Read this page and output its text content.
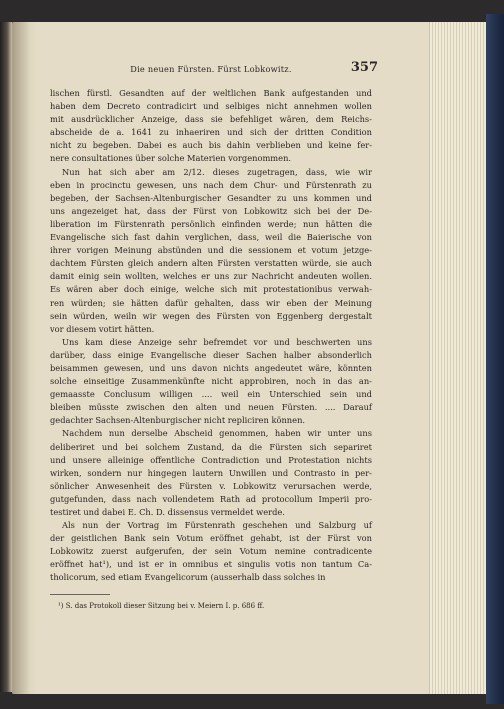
Die neuen Fürsten. Fürst Lobkowitz.	357

lischen fürstl. Gesandten auf der weltlichen Bank aufgestanden und
haben dem Decreto contradicirt und selbiges nicht annehmen wollen
mit ausdrücklicher Anzeige, dass sie befehliget wären, dem Reichs-
abscheide de a. 1641 zu inhaeriren und sich der dritten Condition
nicht zu begeben. Dabei es auch bis dahin verblieben und keine fer-
nere consultationes über solche Materien vorgenommen.

Nun hat sich aber am 2/12. dieses zugetragen, dass, wie wir
eben in procinctu gewesen, uns nach dem Chur- und Fürstenrath zu
begeben, der Sachsen-Altenburgischer Gesandter zu uns kommen und
uns angezeiget hat, dass der Fürst von Lobkowitz sich bei der De-
liberation im Fürstenrath persönlich einfinden werde; nun hätten die
Evangelische sich fast dahin verglichen, dass, weil die Baierische von
ihrer vorigen Meinung abstünden und die sessionem et votum jetzge-
dachtem Fürsten gleich andern alten Fürsten verstatten würde, sie auch
damit einig sein wollten, welches er uns zur Nachricht andeuten wollen.
Es wären aber doch einige, welche sich mit protestationibus verwah-
ren würden; sie hätten dafür gehalten, dass wir eben der Meinung
sein würden, weiln wir wegen des Fürsten von Eggenberg dergestalt
vor diesem votirt hätten.

Uns kam diese Anzeige sehr befremdet vor und beschwerten uns
darüber, dass einige Evangelische dieser Sachen halber absonderlich
beisammen gewesen, und uns davon nichts angedeutet wäre, könnten
solche einseitige Zusammenkünfte nicht approbiren, noch in das an-
gemaasste Conclusum willigen .... weil ein Unterschied sein und
bleiben müsste zwischen den alten und neuen Fürsten. .... Darauf
gedachter Sachsen-Altenburgischer nicht repliciren können.

Nachdem nun derselbe Abscheid genommen, haben wir unter uns
deliberiret und bei solchem Zustand, da die Fürsten sich separiret
und unsere alleinige offentliche Contradiction und Protestation nichts
wirken, sondern nur hingegen lautern Unwillen und Contrasto in per-
sönlicher Anwesenheit des Fürsten v. Lobkowitz verursachen werde,
gutgefunden, dass nach vollendetem Rath ad protocollum Imperii pro-
testiret und dabei E. Ch. D. dissensus vermeldet werde.

Als nun der Vortrag im Fürstenrath geschehen und Salzburg uf
der geistlichen Bank sein Votum eröffnet gehabt, ist der Fürst von
Lobkowitz zuerst aufgerufen, der sein Votum nemine contradicente
eröffnet hat¹), und ist er in omnibus et singulis votis non tantum Ca-
tholicorum, sed etiam Evangelicorum (ausserhalb dass solches in

¹) S. das Protokoll dieser Sitzung bei v. Meiern I. p. 686 ff.
